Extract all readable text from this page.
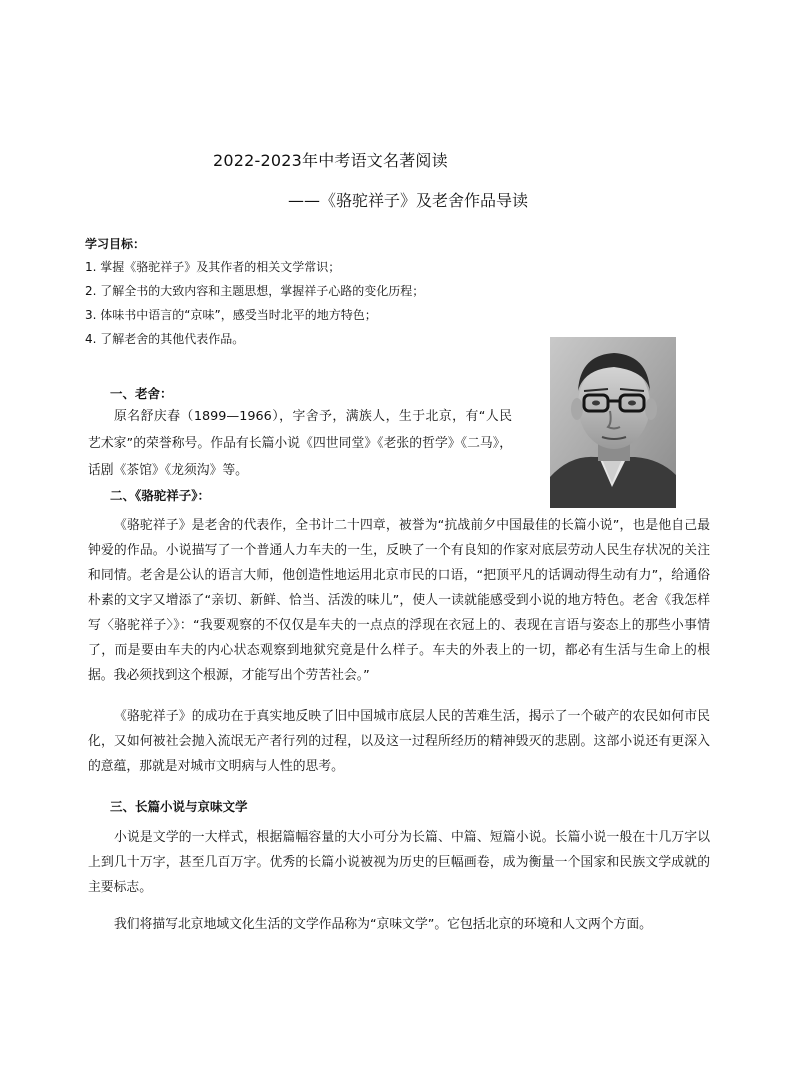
2022-2023年中考语文名著阅读
——《骆驼祥子》及老舍作品导读
学习目标：
1. 掌握《骆驼祥子》及其作者的相关文学常识；
2. 了解全书的大致内容和主题思想，掌握祥子心路的变化历程；
3. 体味书中语言的“京味”，感受当时北平的地方特色；
4. 了解老舍的其他代表作品。
一、老舍：

原名舒庆春（1899—1966），字舍予，满族人，生于北京，有“人民艺术家”的荣誉称号。作品有长篇小说《四世同堂》《老张的哲学》《二马》，话剧《茶馆》《龙须沟》等。

二、《骆驼祥子》：

《骆驼祥子》是老舍的代表作，全书计二十四章，被誉为“抗战前夕中国最佳的长篇小说”，也是他自己最钟爱的作品。小说描写了一个普通人力车夫的一生，反映了一个有良知的作家对底层劳动人民生存状况的关注和同情。老舍是公认的语言大师，他创造性地运用北京市民的口语，“把顶平凡的话调动得生动有力”，给通俗朴素的文字又增添了“亲切、新鲜、恰当、活泼的味儿”，使人一读就能感受到小说的地方特色。老舍《我怎样写〈骆驼祥子〉》：“我要观察的不仅仅是车夫的一点点的浮现在衣冠上的、表现在言语与姿态上的那些小事情了，而是要由车夫的内心状态观察到地狱究竟是什么样子。车夫的外表上的一切，都必有生活与生命上的根据。我必须找到这个根源，才能写出个劳苦社会。”

《骆驼祥子》的成功在于真实地反映了旧中国城市底层人民的苦难生活，揭示了一个破产的农民如何市民化，又如何被社会抛入流氓无产者行列的过程，以及这一过程所经历的精神毁灭的悲剧。这部小说还有更深入的意蕴，那就是对城市文明病与人性的思考。

三、长篇小说与京味文学

小说是文学的一大样式，根据篇幅容量的大小可分为长篇、中篇、短篇小说。长篇小说一般在十几万字以上到几十万字，甚至几百万字。优秀的长篇小说被视为历史的巨幅画卷，成为衡量一个国家和民族文学成就的主要标志。

我们将描写北京地域文化生活的文学作品称为“京味文学”。它包括北京的环境和人文两个方面。
